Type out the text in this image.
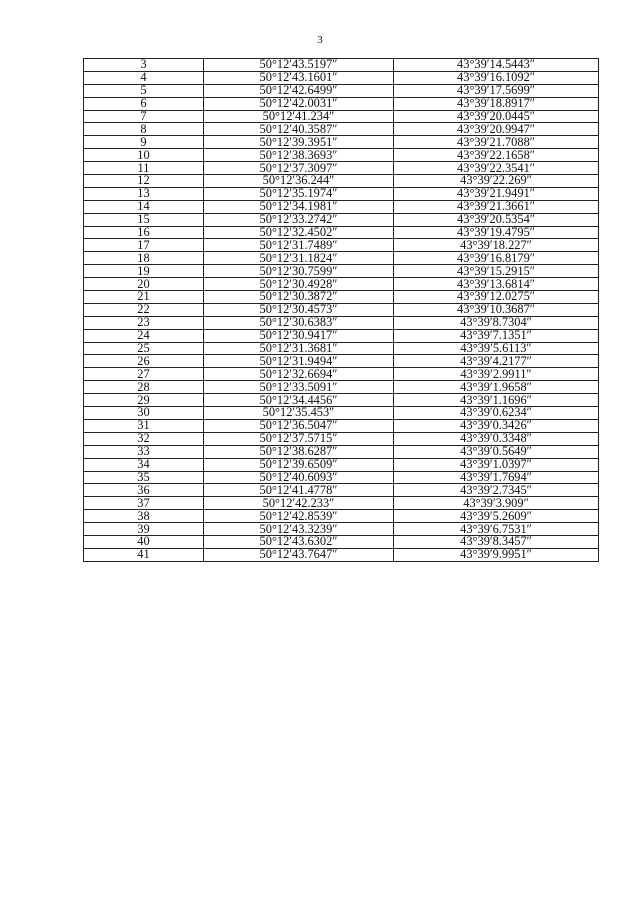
3
3	50°12′43.5197″	43°39′14.5443″
4	50°12′43.1601″	43°39′16.1092″
5	50°12′42.6499″	43°39′17.5699″
6	50°12′42.0031″	43°39′18.8917″
7	50°12′41.234″	43°39′20.0445″
8	50°12′40.3587″	43°39′20.9947″
9	50°12′39.3951″	43°39′21.7088″
10	50°12′38.3693″	43°39′22.1658″
11	50°12′37.3097″	43°39′22.3541″
12	50°12′36.244″	43°39′22.269″
13	50°12′35.1974″	43°39′21.9491″
14	50°12′34.1981″	43°39′21.3661″
15	50°12′33.2742″	43°39′20.5354″
16	50°12′32.4502″	43°39′19.4795″
17	50°12′31.7489″	43°39′18.227″
18	50°12′31.1824″	43°39′16.8179″
19	50°12′30.7599″	43°39′15.2915″
20	50°12′30.4928″	43°39′13.6814″
21	50°12′30.3872″	43°39′12.0275″
22	50°12′30.4573″	43°39′10.3687″
23	50°12′30.6383″	43°39′8.7304″
24	50°12′30.9417″	43°39′7.1351″
25	50°12′31.3681″	43°39′5.6113″
26	50°12′31.9494″	43°39′4.2177″
27	50°12′32.6694″	43°39′2.9911″
28	50°12′33.5091″	43°39′1.9658″
29	50°12′34.4456″	43°39′1.1696″
30	50°12′35.453″	43°39′0.6234″
31	50°12′36.5047″	43°39′0.3426″
32	50°12′37.5715″	43°39′0.3348″
33	50°12′38.6287″	43°39′0.5649″
34	50°12′39.6509″	43°39′1.0397″
35	50°12′40.6093″	43°39′1.7694″
36	50°12′41.4778″	43°39′2.7345″
37	50°12′42.233″	43°39′3.909″
38	50°12′42.8539″	43°39′5.2609″
39	50°12′43.3239″	43°39′6.7531″
40	50°12′43.6302″	43°39′8.3457″
41	50°12′43.7647″	43°39′9.9951″
